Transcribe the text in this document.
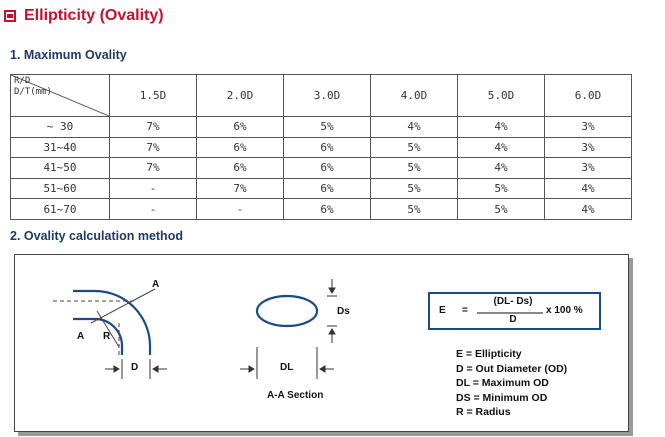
Ellipticity (Ovality)
1. Maximum Ovality
R/D
D/T(mm)	1.5D	2.0D	3.0D	4.0D	5.0D	6.0D
~ 30	7%	6%	5%	4%	4%	3%
31~40	7%	6%	6%	5%	4%	3%
41~50	7%	6%	6%	5%	4%	3%
51~60	-	7%	6%	5%	5%	4%
61~70	-	-	6%	5%	5%	4%
2. Ovality calculation method
A
A R
D
Ds
DL
A-A Section
E =
(DL- Ds)
D
x 100 %
E = Ellipticity
D = Out Diameter (OD)
DL = Maximum OD
DS = Minimum OD
R = Radius
